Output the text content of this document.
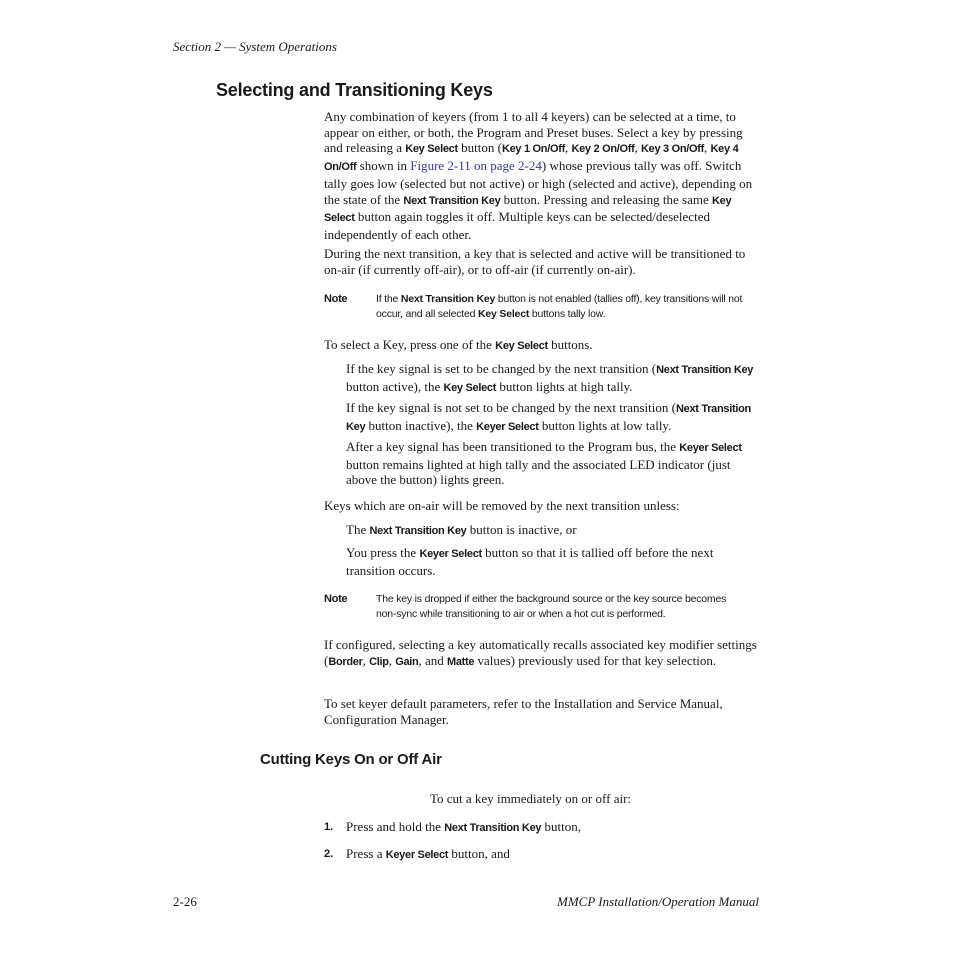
Section 2 — System Operations
Selecting and Transitioning Keys
Any combination of keyers (from 1 to all 4 keyers) can be selected at a time, to appear on either, or both, the Program and Preset buses. Select a key by pressing and releasing a Key Select button (Key 1 On/Off, Key 2 On/Off, Key 3 On/Off, Key 4 On/Off shown in Figure 2-11 on page 2-24) whose previous tally was off. Switch tally goes low (selected but not active) or high (selected and active), depending on the state of the Next Transition Key button. Pressing and releasing the same Key Select button again toggles it off. Multiple keys can be selected/deselected independently of each other.
During the next transition, a key that is selected and active will be transitioned to on-air (if currently off-air), or to off-air (if currently on-air).
Note	If the Next Transition Key button is not enabled (tallies off), key transitions will not occur, and all selected Key Select buttons tally low.
To select a Key, press one of the Key Select buttons.
If the key signal is set to be changed by the next transition (Next Transition Key button active), the Key Select button lights at high tally.
If the key signal is not set to be changed by the next transition (Next Transition Key button inactive), the Keyer Select button lights at low tally.
After a key signal has been transitioned to the Program bus, the Keyer Select button remains lighted at high tally and the associated LED indicator (just above the button) lights green.
Keys which are on-air will be removed by the next transition unless:
The Next Transition Key button is inactive, or
You press the Keyer Select button so that it is tallied off before the next transition occurs.
Note	The key is dropped if either the background source or the key source becomes non-sync while transitioning to air or when a hot cut is performed.
If configured, selecting a key automatically recalls associated key modifier settings (Border, Clip, Gain, and Matte values) previously used for that key selection.
To set keyer default parameters, refer to the Installation and Service Manual, Configuration Manager.
Cutting Keys On or Off Air
To cut a key immediately on or off air:
1. Press and hold the Next Transition Key button,
2. Press a Keyer Select button, and
2-26	MMCP Installation/Operation Manual
